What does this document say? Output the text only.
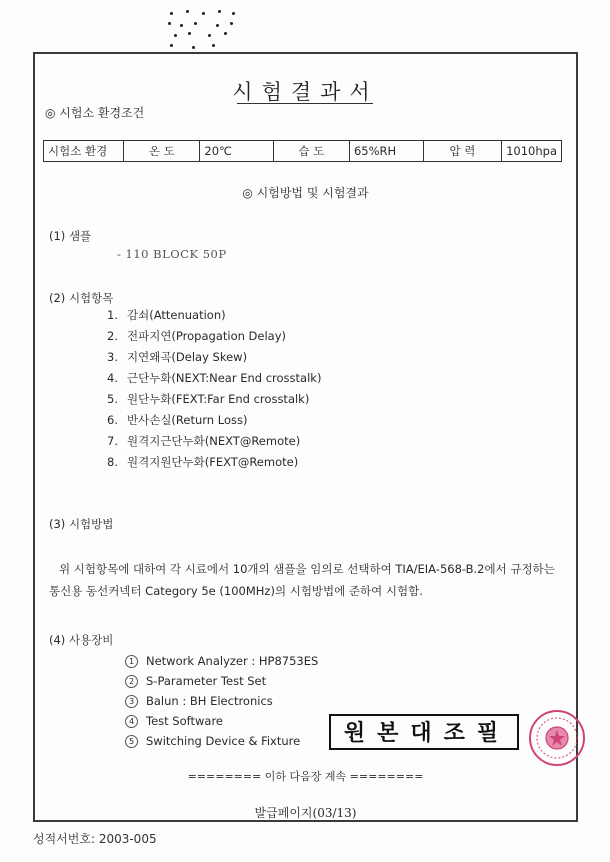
시험결과서
◎ 시험소 환경조건
시험소 환경	온 도	20℃	습 도	65%RH	압 력	1010hpa
◎ 시험방법 및 시험결과
(1) 샘플
- 110 BLOCK 50P
(2) 시험항목
1. 감쇠(Attenuation)
2. 전파지연(Propagation Delay)
3. 지연왜곡(Delay Skew)
4. 근단누화(NEXT:Near End crosstalk)
5. 원단누화(FEXT:Far End crosstalk)
6. 반사손실(Return Loss)
7. 원격지근단누화(NEXT@Remote)
8. 원격지원단누화(FEXT@Remote)
(3) 시험방법
위 시험항목에 대하여 각 시료에서 10개의 샘플을 임의로 선택하여 TIA/EIA-568-B.2에서 규정하는 통신용 동선커넥터 Category 5e (100MHz)의 시험방법에 준하여 시험함.
(4) 사용장비
1 Network Analyzer : HP8753ES
2 S-Parameter Test Set
3 Balun : BH Electronics
4 Test Software
5 Switching Device & Fixture	원본대조필
======== 이하 다음장 계속 ========
발급페이지(03/13)
성적서번호: 2003-005
